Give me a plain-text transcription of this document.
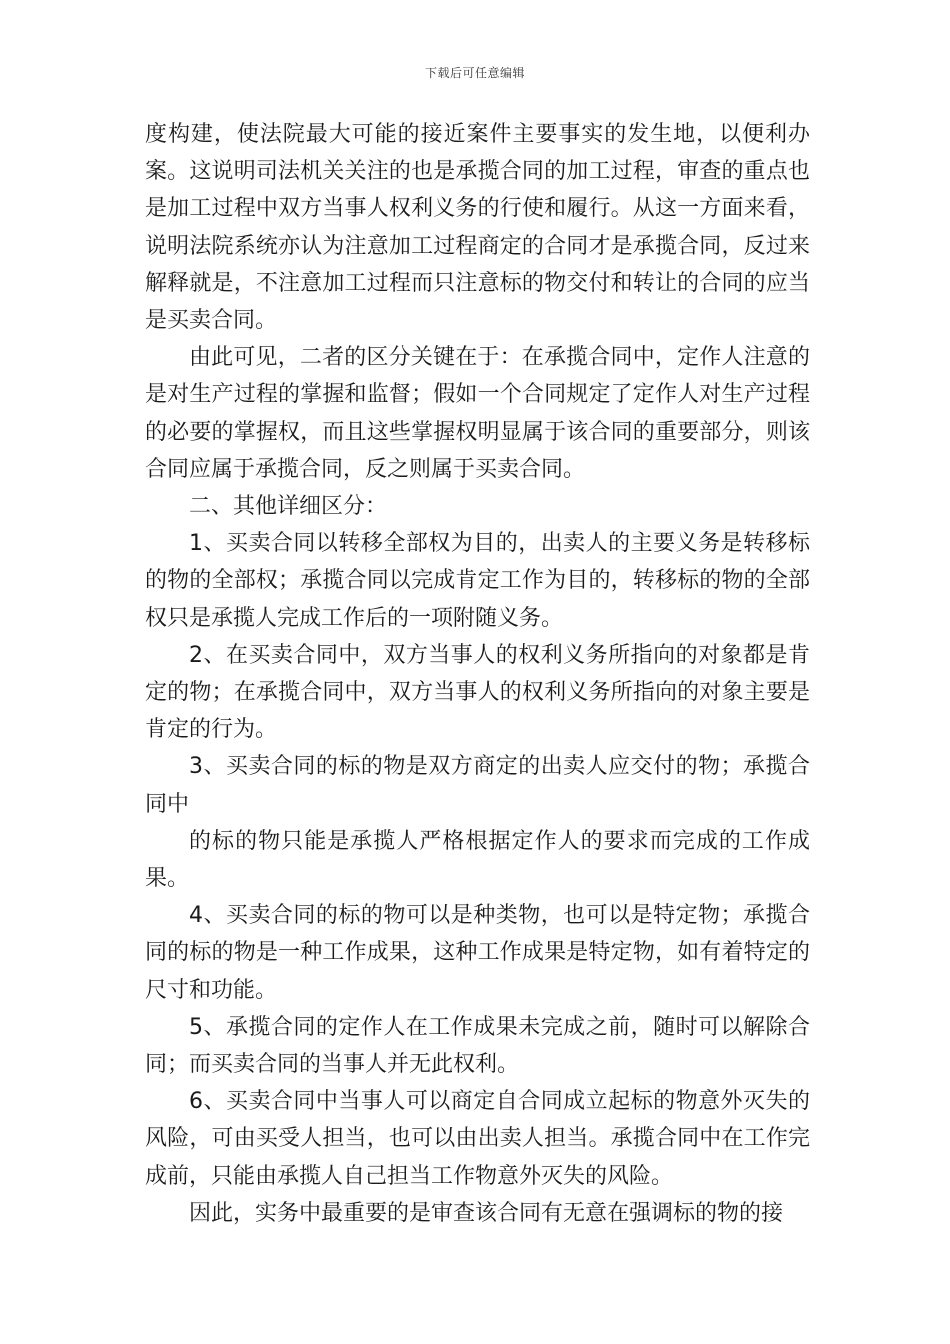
下载后可任意编辑

度构建，使法院最大可能的接近案件主要事实的发生地，以便利办案。这说明司法机关关注的也是承揽合同的加工过程，审查的重点也是加工过程中双方当事人权利义务的行使和履行。从这一方面来看，说明法院系统亦认为注意加工过程商定的合同才是承揽合同，反过来解释就是，不注意加工过程而只注意标的物交付和转让的合同的应当是买卖合同。

由此可见，二者的区分关键在于：在承揽合同中，定作人注意的是对生产过程的掌握和监督；假如一个合同规定了定作人对生产过程的必要的掌握权，而且这些掌握权明显属于该合同的重要部分，则该合同应属于承揽合同，反之则属于买卖合同。

二、其他详细区分：

1、买卖合同以转移全部权为目的，出卖人的主要义务是转移标的物的全部权；承揽合同以完成肯定工作为目的，转移标的物的全部权只是承揽人完成工作后的一项附随义务。

2、在买卖合同中，双方当事人的权利义务所指向的对象都是肯定的物；在承揽合同中，双方当事人的权利义务所指向的对象主要是肯定的行为。

3、买卖合同的标的物是双方商定的出卖人应交付的物；承揽合同中

的标的物只能是承揽人严格根据定作人的要求而完成的工作成果。

4、买卖合同的标的物可以是种类物，也可以是特定物；承揽合同的标的物是一种工作成果，这种工作成果是特定物，如有着特定的尺寸和功能。

5、承揽合同的定作人在工作成果未完成之前，随时可以解除合同；而买卖合同的当事人并无此权利。

6、买卖合同中当事人可以商定自合同成立起标的物意外灭失的风险，可由买受人担当，也可以由出卖人担当。承揽合同中在工作完成前，只能由承揽人自己担当工作物意外灭失的风险。

因此，实务中最重要的是审查该合同有无意在强调标的物的接
